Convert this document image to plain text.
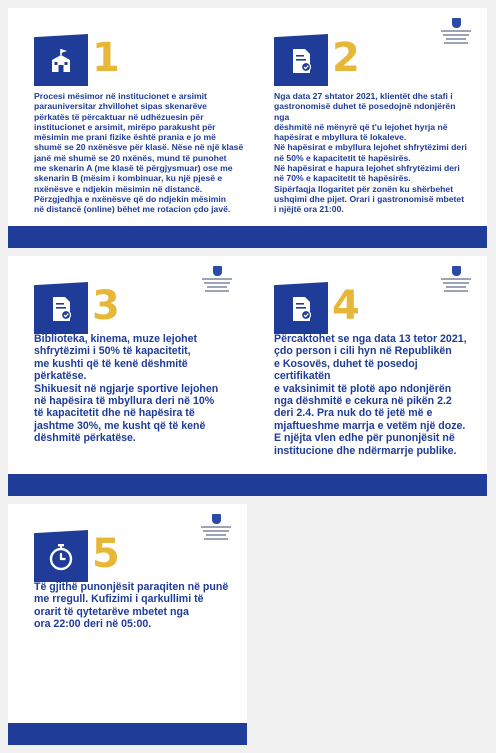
1

Procesi mësimor në institucionet e arsimit

parauniversitar zhvillohet sipas skenarëve

përkatës të përcaktuar në udhëzuesin për

institucionet e arsimit, mirëpo parakusht për

mësimin me prani fizike është prania e jo më

shumë se 20 nxënësve për klasë. Nëse në një klasë

janë më shumë se 20 nxënës, mund të punohet

me skenarin A (me klasë të përgjysmuar) ose me

skenarin B (mësim i kombinuar, ku një pjesë e

nxënësve e ndjekin mësimin në distancë.

Përzgjedhja e nxënësve që do ndjekin mësimin

në distancë (online) bëhet me rotacion çdo javë.

2

Nga data 27 shtator 2021, klientët dhe stafi i

gastronomisë duhet të posedojnë ndonjërën nga

dëshmitë në mënyrë që t'u lejohet hyrja në

hapësirat e mbyllura të lokaleve.

Në hapësirat e mbyllura lejohet shfrytëzimi deri

në 50% e kapacitetit të hapësirës.

Në hapësirat e hapura lejohet shfrytëzimi deri

në 70% e kapacitetit të hapësirës.

Sipërfaqja llogaritet për zonën ku shërbehet

ushqimi dhe pijet. Orari i gastronomisë mbetet

i njëjtë ora 21:00.

3

Biblioteka, kinema, muze lejohet

shfrytëzimi i 50% të kapacitetit,

me kushti që të kenë dëshmitë përkatëse.

Shikuesit në ngjarje sportive lejohen

në hapësira të mbyllura deri në 10%

të kapacitetit dhe në hapësira të

jashtme 30%, me kusht që të kenë

dëshmitë përkatëse.

4

Përcaktohet se nga data 13 tetor 2021,

çdo person i cili hyn në Republikën

e Kosovës, duhet të posedoj certifikatën

e vaksinimit të plotë apo ndonjërën

nga dëshmitë e cekura në pikën 2.2

deri 2.4. Pra nuk do të jetë më e

mjaftueshme marrja e vetëm një doze.

E njëjta vlen edhe për punonjësit në

institucione dhe ndërmarrje publike.

5

Të gjithë punonjësit paraqiten në punë

me rregull. Kufizimi i qarkullimi të

orarit të qytetarëve mbetet nga

ora 22:00 deri në 05:00.
